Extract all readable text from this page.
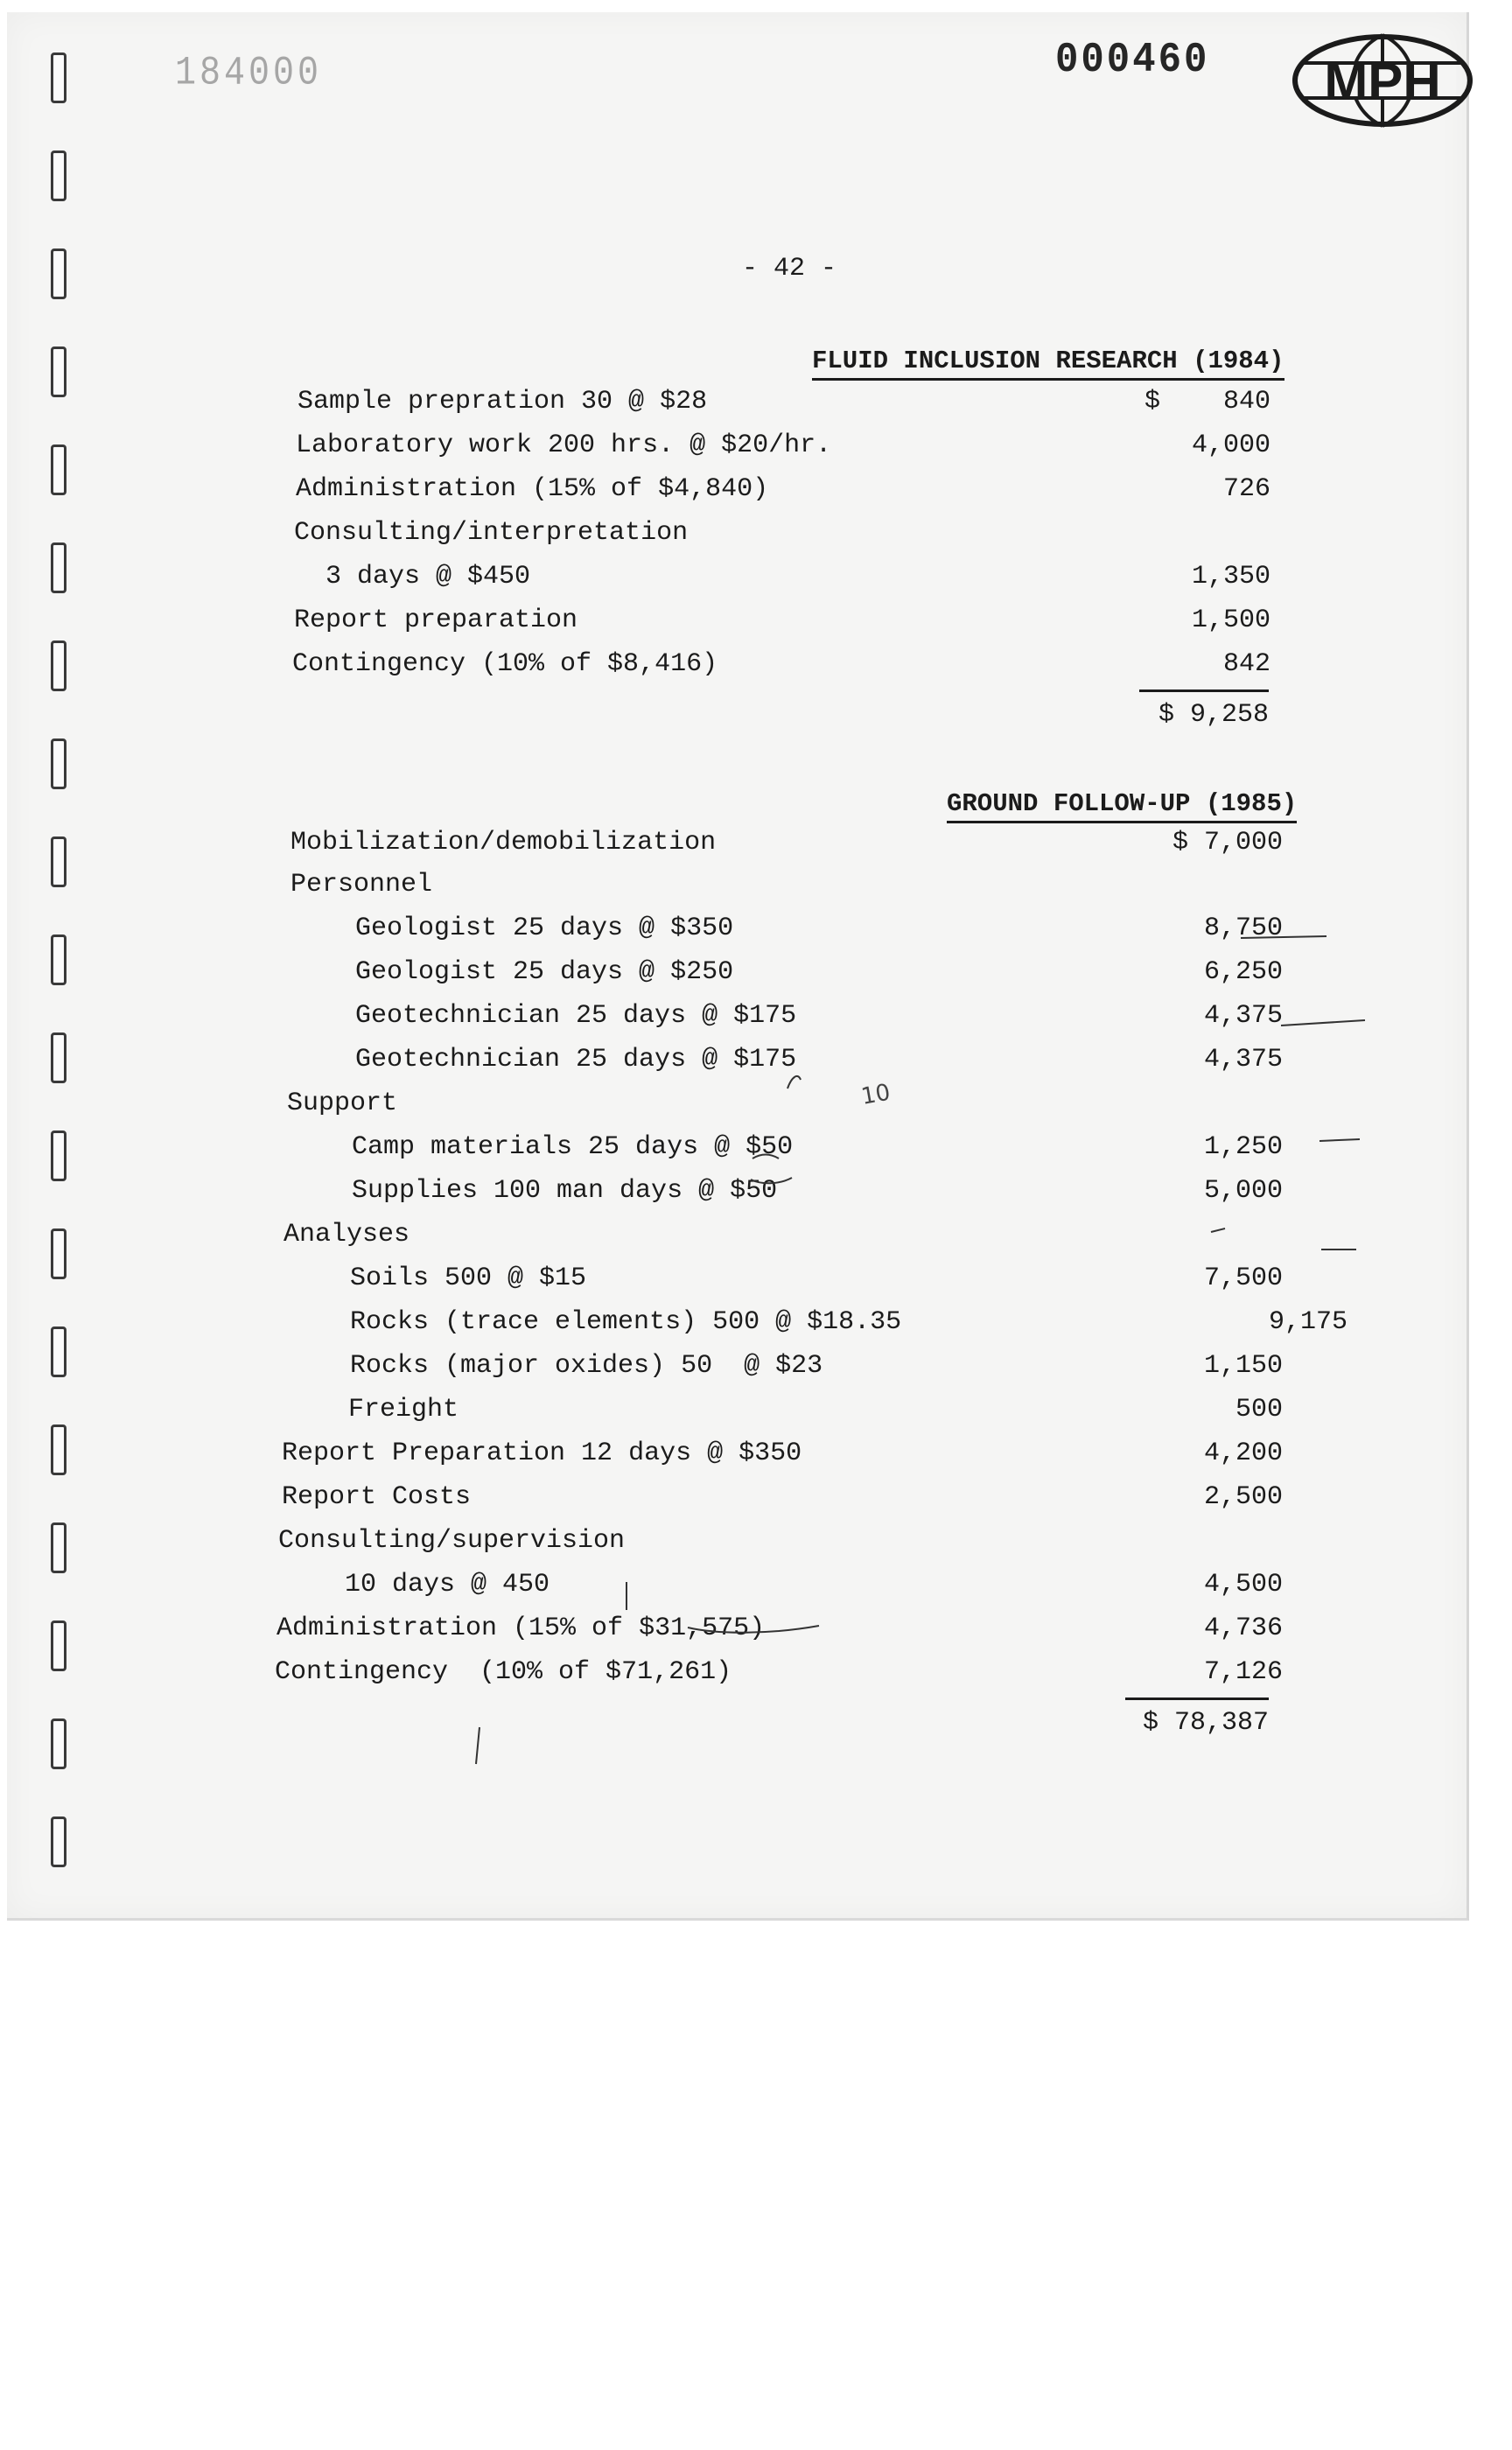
184000	000460 MPH
- 42 -
FLUID INCLUSION RESEARCH (1984)
Sample prepration 30 @ $28	$    840
Laboratory work 200 hrs. @ $20/hr.	4,000
Administration (15% of $4,840)	726
Consulting/interpretation
3 days @ $450	1,350
Report preparation	1,500
Contingency (10% of $8,416)	842
$ 9,258
GROUND FOLLOW-UP (1985)
Mobilization/demobilization	$ 7,000
Personnel
Geologist 25 days @ $350	8,750
Geologist 25 days @ $250	6,250
Geotechnician 25 days @ $175	4,375
Geotechnician 25 days @ $175	4,375
Support
Camp materials 25 days @ $50	1,250
Supplies 100 man days @ $50	5,000
Analyses
Soils 500 @ $15	7,500
Rocks (trace elements) 500 @ $18.35	9,175
Rocks (major oxides) 50  @ $23	1,150
Freight	500
Report Preparation 12 days @ $350	4,200
Report Costs	2,500
Consulting/supervision
10 days @ 450	4,500
Administration (15% of $31,575)	4,736
Contingency  (10% of $71,261)	7,126
$ 78,387
10
